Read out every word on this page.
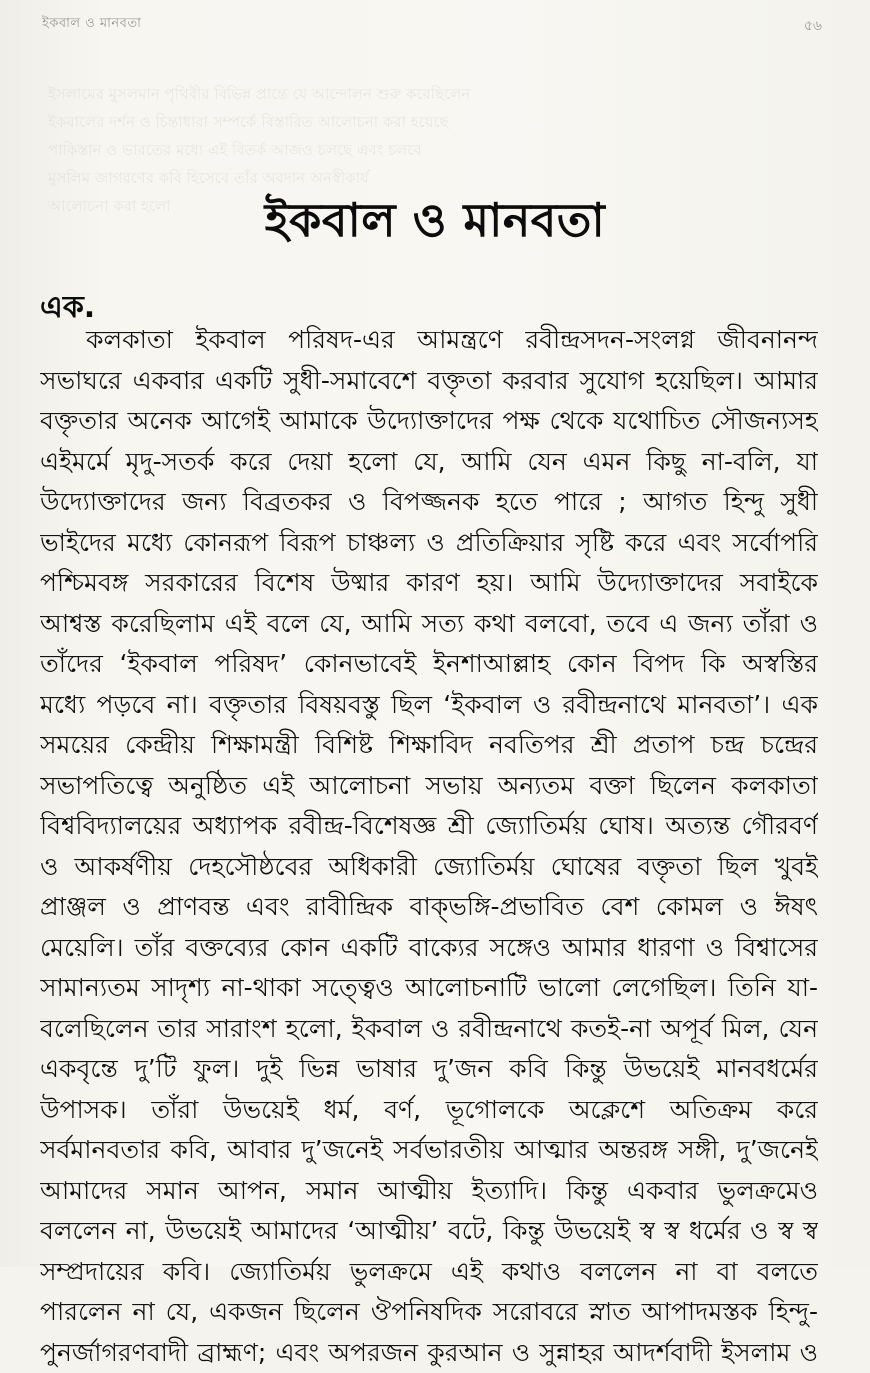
ইকবাল ও মানবতা	৫৬
ইসলামের মুসলমান পৃথিবীর বিভিন্ন প্রান্তে যে আন্দোলন শুরু করেছিলেন
ইকবালের দর্শন ও চিন্তাধারা সম্পর্কে বিস্তারিত আলোচনা করা হয়েছে
পাকিস্তান ও ভারতের মধ্যে এই বিতর্ক আজও চলছে এবং চলবে
মুসলিম জাগরণের কবি হিসেবে তাঁর অবদান অনস্বীকার্য
আলোচনা করা হলো	ইকবাল ও মানবতা
এক.
কলকাতা ইকবাল পরিষদ-এর আমন্ত্রণে রবীন্দ্রসদন-সংলগ্ন জীবনানন্দ
সভাঘরে একবার একটি সুধী-সমাবেশে বক্তৃতা করবার সুযোগ হয়েছিল। আমার
বক্তৃতার অনেক আগেই আমাকে উদ্যোক্তাদের পক্ষ থেকে যথোচিত সৌজন্যসহ
এইমর্মে মৃদু-সতর্ক করে দেয়া হলো যে, আমি যেন এমন কিছু না-বলি, যা
উদ্যোক্তাদের জন্য বিব্রতকর ও বিপজ্জনক হতে পারে ; আগত হিন্দু সুধী
ভাইদের মধ্যে কোনরূপ বিরূপ চাঞ্চল্য ও প্রতিক্রিয়ার সৃষ্টি করে এবং সর্বোপরি
পশ্চিমবঙ্গ সরকারের বিশেষ উষ্মার কারণ হয়। আমি উদ্যোক্তাদের সবাইকে
আশ্বস্ত করেছিলাম এই বলে যে, আমি সত্য কথা বলবো, তবে এ জন্য তাঁরা ও
তাঁদের ‘ইকবাল পরিষদ’ কোনভাবেই ইনশাআল্লাহ কোন বিপদ কি অস্বস্তির
মধ্যে পড়বে না। বক্তৃতার বিষয়বস্তু ছিল ‘ইকবাল ও রবীন্দ্রনাথে মানবতা’। এক
সময়ের কেন্দ্রীয় শিক্ষামন্ত্রী বিশিষ্ট শিক্ষাবিদ নবতিপর শ্রী প্রতাপ চন্দ্র চন্দ্রের
সভাপতিত্বে অনুষ্ঠিত এই আলোচনা সভায় অন্যতম বক্তা ছিলেন কলকাতা
বিশ্ববিদ্যালয়ের অধ্যাপক রবীন্দ্র-বিশেষজ্ঞ শ্রী জ্যোতির্ময় ঘোষ। অত্যন্ত গৌরবর্ণ
ও আকর্ষণীয় দেহসৌষ্ঠবের অধিকারী জ্যোতির্ময় ঘোষের বক্তৃতা ছিল খুবই
প্রাঞ্জল ও প্রাণবন্ত এবং রাবীন্দ্রিক বাক্‌ভঙ্গি-প্রভাবিত বেশ কোমল ও ঈষৎ
মেয়েলি। তাঁর বক্তব্যের কোন একটি বাক্যের সঙ্গেও আমার ধারণা ও বিশ্বাসের
সামান্যতম সাদৃশ্য না-থাকা সত্ত্বেও আলোচনাটি ভালো লেগেছিল। তিনি যা-
বলেছিলেন তার সারাংশ হলো, ইকবাল ও রবীন্দ্রনাথে কতই-না অপূর্ব মিল, যেন
একবৃন্তে দু’টি ফুল। দুই ভিন্ন ভাষার দু’জন কবি কিন্তু উভয়েই মানবধর্মের
উপাসক। তাঁরা উভয়েই ধর্ম, বর্ণ, ভূগোলকে অক্লেশে অতিক্রম করে
সর্বমানবতার কবি, আবার দু’জনেই সর্বভারতীয় আত্মার অন্তরঙ্গ সঙ্গী, দু’জনেই
আমাদের সমান আপন, সমান আত্মীয় ইত্যাদি। কিন্তু একবার ভুলক্রমেও
বললেন না, উভয়েই আমাদের ‘আত্মীয়’ বটে, কিন্তু উভয়েই স্ব স্ব ধর্মের ও স্ব স্ব
সম্প্রদায়ের কবি। জ্যোতির্ময় ভুলক্রমে এই কথাও বললেন না বা বলতে
পারলেন না যে, একজন ছিলেন ঔপনিষদিক সরোবরে স্নাত আপাদমস্তক হিন্দু-
পুনর্জাগরণবাদী ব্রাহ্মণ; এবং অপরজন কুরআন ও সুন্নাহর আদর্শবাদী ইসলাম ও
